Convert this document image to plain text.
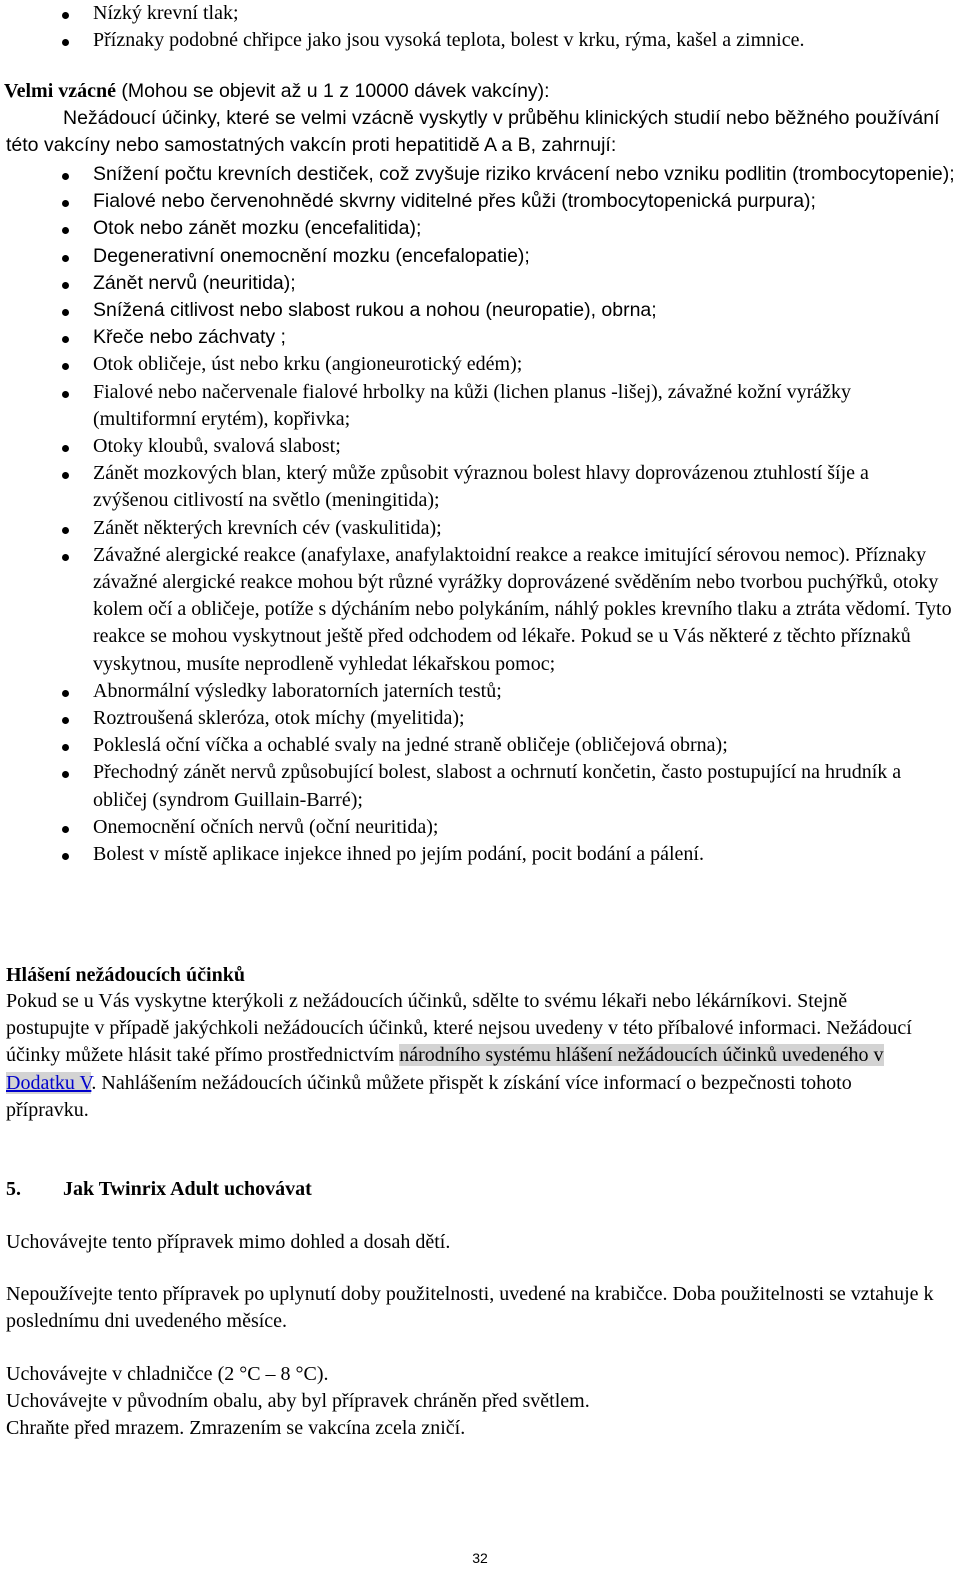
Nízký krevní tlak;
Příznaky podobné chřipce jako jsou vysoká teplota, bolest v krku, rýma, kašel a zimnice.
Velmi vzácné (Mohou se objevit až u 1 z 10000 dávek vakcíny):
Nežádoucí účinky, které se velmi vzácně vyskytly v průběhu klinických studií nebo běžného používání této vakcíny nebo samostatných vakcín proti hepatitidě A a B, zahrnují:
Snížení počtu krevních destiček, což zvyšuje riziko krvácení nebo vzniku podlitin (trombocytopenie);
Fialové nebo červenohnědé skvrny viditelné přes kůži (trombocytopenická purpura);
Otok nebo zánět mozku (encefalitida);
Degenerativní onemocnění mozku (encefalopatie);
Zánět nervů (neuritida);
Snížená citlivost nebo slabost rukou a nohou (neuropatie), obrna;
Křeče nebo záchvaty ;
Otok obličeje, úst nebo krku (angioneurotický edém);
Fialové nebo načervenale fialové hrbolky na kůži (lichen planus -lišej), závažné kožní vyrážky (multiformní erytém), kopřivka;
Otoky kloubů, svalová slabost;
Zánět mozkových blan, který může způsobit výraznou bolest hlavy doprovázenou ztuhlostí šíje a zvýšenou citlivostí na světlo (meningitida);
Zánět některých krevních cév (vaskulitida);
Závažné alergické reakce (anafylaxe, anafylaktoidní reakce a reakce imitující sérovou nemoc). Příznaky závažné alergické reakce mohou být různé vyrážky doprovázené svěděním nebo tvorbou puchýřků, otoky kolem očí a obličeje, potíže s dýcháním nebo polykáním, náhlý pokles krevního tlaku a ztráta vědomí. Tyto reakce se mohou vyskytnout ještě před odchodem od lékaře. Pokud se u Vás některé z těchto příznaků vyskytnou, musíte neprodleně vyhledat lékařskou pomoc;
Abnormální výsledky laboratorních jaterních testů;
Roztroušená skleróza, otok míchy (myelitida);
Pokleslá oční víčka a ochablé svaly na jedné straně obličeje (obličejová obrna);
Přechodný zánět nervů způsobující bolest, slabost a ochrnutí končetin, často postupující na hrudník a obličej (syndrom Guillain-Barré);
Onemocnění očních nervů (oční neuritida);
Bolest v místě aplikace injekce ihned po jejím podání, pocit bodání a pálení.
Hlášení nežádoucích účinků
Pokud se u Vás vyskytne kterýkoli z nežádoucích účinků, sdělte to svému lékaři nebo lékárníkovi. Stejně postupujte v případě jakýchkoli nežádoucích účinků, které nejsou uvedeny v této příbalové informaci. Nežádoucí účinky můžete hlásit také přímo prostřednictvím národního systému hlášení nežádoucích účinků uvedeného v Dodatku V. Nahlášením nežádoucích účinků můžete přispět k získání více informací o bezpečnosti tohoto přípravku.
5. Jak Twinrix Adult uchovávat
Uchovávejte tento přípravek mimo dohled a dosah dětí.
Nepoužívejte tento přípravek po uplynutí doby použitelnosti, uvedené na krabičce. Doba použitelnosti se vztahuje k poslednímu dni uvedeného měsíce.
Uchovávejte v chladničce (2 °C – 8 °C).
Uchovávejte v původním obalu, aby byl přípravek chráněn před světlem.
Chraňte před mrazem. Zmrazením se vakcína zcela zničí.
32
